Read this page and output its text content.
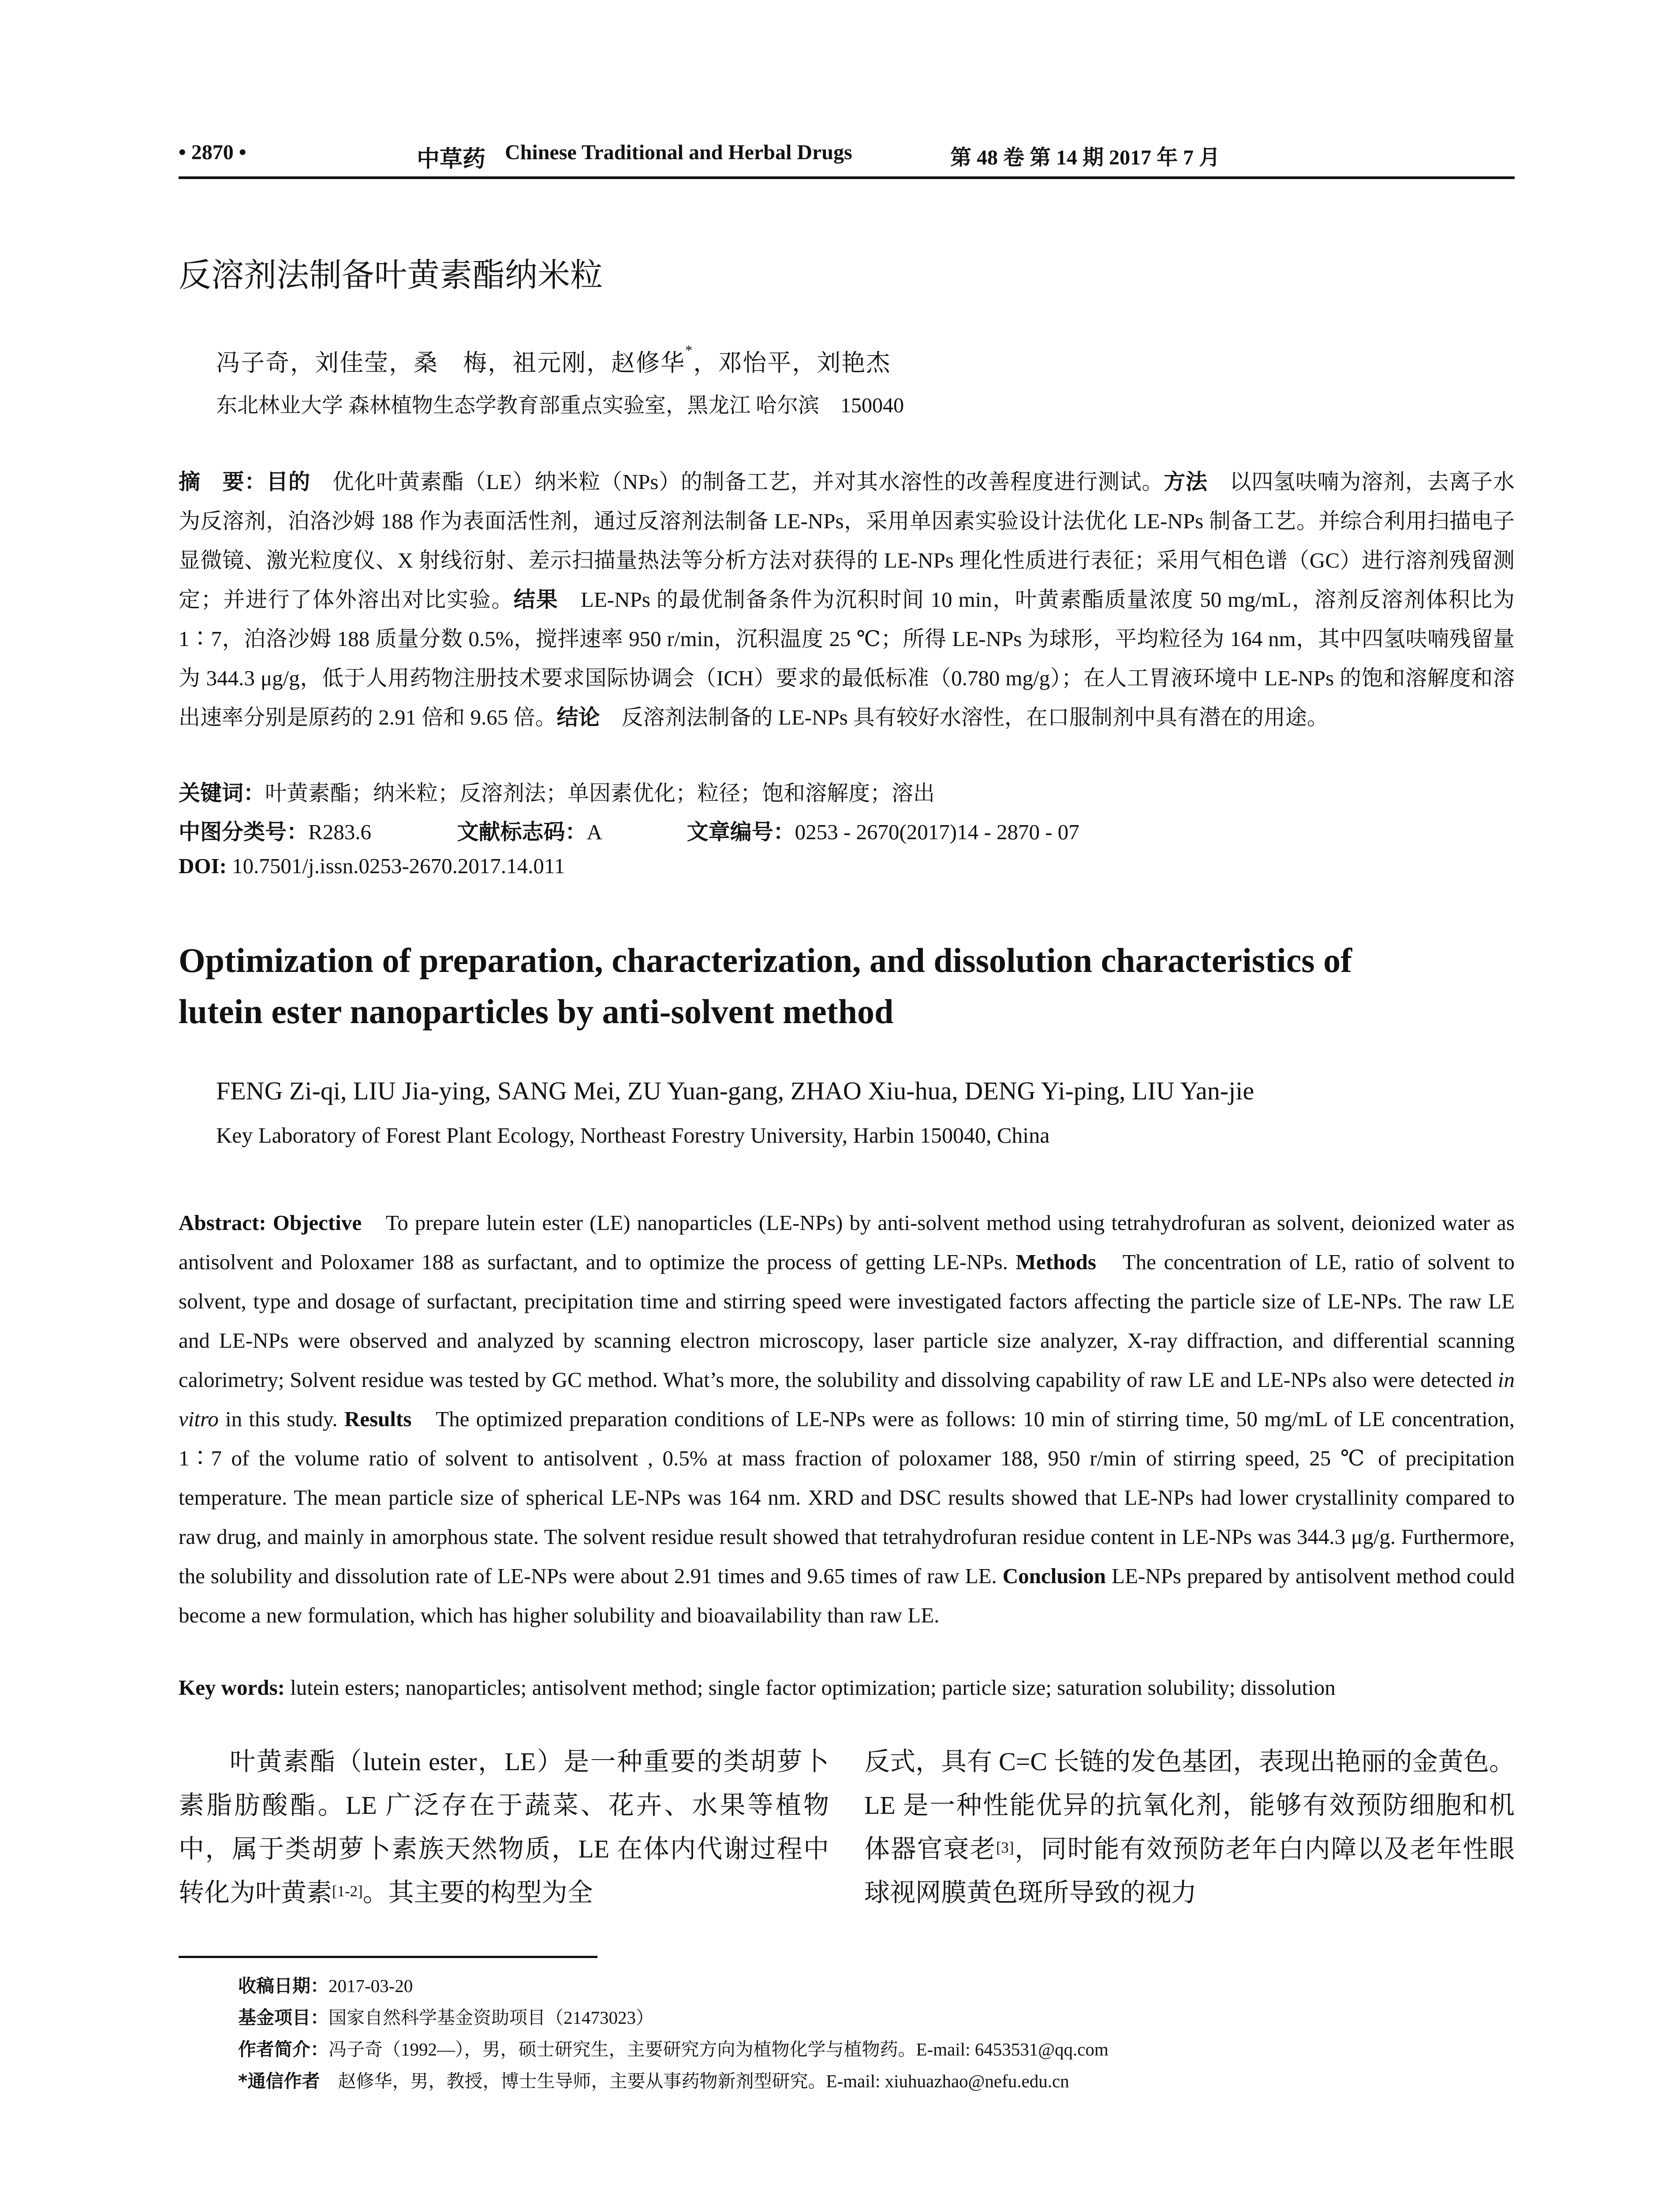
• 2870 •	中草药 Chinese Traditional and Herbal Drugs	第 48 卷 第 14 期 2017 年 7 月
反溶剂法制备叶黄素酯纳米粒
冯子奇，刘佳莹，桑　梅，祖元刚，赵修华*，邓怡平，刘艳杰
东北林业大学 森林植物生态学教育部重点实验室，黑龙江 哈尔滨　150040
摘　要：目的　优化叶黄素酯（LE）纳米粒（NPs）的制备工艺，并对其水溶性的改善程度进行测试。方法　以四氢呋喃为溶剂，去离子水为反溶剂，泊洛沙姆 188 作为表面活性剂，通过反溶剂法制备 LE-NPs，采用单因素实验设计法优化 LE-NPs 制备工艺。并综合利用扫描电子显微镜、激光粒度仪、X 射线衍射、差示扫描量热法等分析方法对获得的 LE-NPs 理化性质进行表征；采用气相色谱（GC）进行溶剂残留测定；并进行了体外溶出对比实验。结果　LE-NPs 的最优制备条件为沉积时间 10 min，叶黄素酯质量浓度 50 mg/mL，溶剂反溶剂体积比为 1∶7，泊洛沙姆 188 质量分数 0.5%，搅拌速率 950 r/min，沉积温度 25 ℃；所得 LE-NPs 为球形，平均粒径为 164 nm，其中四氢呋喃残留量为 344.3 μg/g，低于人用药物注册技术要求国际协调会（ICH）要求的最低标准（0.780 mg/g）；在人工胃液环境中 LE-NPs 的饱和溶解度和溶出速率分别是原药的 2.91 倍和 9.65 倍。结论　反溶剂法制备的 LE-NPs 具有较好水溶性，在口服制剂中具有潜在的用途。
关键词：叶黄素酯；纳米粒；反溶剂法；单因素优化；粒径；饱和溶解度；溶出
中图分类号：R283.6	文献标志码：A	文章编号：0253 - 2670(2017)14 - 2870 - 07
DOI: 10.7501/j.issn.0253-2670.2017.14.011
Optimization of preparation, characterization, and dissolution characteristics of
lutein ester nanoparticles by anti-solvent method
FENG Zi-qi, LIU Jia-ying, SANG Mei, ZU Yuan-gang, ZHAO Xiu-hua, DENG Yi-ping, LIU Yan-jie
Key Laboratory of Forest Plant Ecology, Northeast Forestry University, Harbin 150040, China
Abstract: Objective　To prepare lutein ester (LE) nanoparticles (LE-NPs) by anti-solvent method using tetrahydrofuran as solvent, deionized water as antisolvent and Poloxamer 188 as surfactant, and to optimize the process of getting LE-NPs. Methods　The concentration of LE, ratio of solvent to solvent, type and dosage of surfactant, precipitation time and stirring speed were investigated factors affecting the particle size of LE-NPs. The raw LE and LE-NPs were observed and analyzed by scanning electron microscopy, laser particle size analyzer, X-ray diffraction, and differential scanning calorimetry; Solvent residue was tested by GC method. What’s more, the solubility and dissolving capability of raw LE and LE-NPs also were detected in vitro in this study. Results　The optimized preparation conditions of LE-NPs were as follows: 10 min of stirring time, 50 mg/mL of LE concentration, 1∶7 of the volume ratio of solvent to antisolvent , 0.5% at mass fraction of poloxamer 188, 950 r/min of stirring speed, 25 ℃ of precipitation temperature. The mean particle size of spherical LE-NPs was 164 nm. XRD and DSC results showed that LE-NPs had lower crystallinity compared to raw drug, and mainly in amorphous state. The solvent residue result showed that tetrahydrofuran residue content in LE-NPs was 344.3 μg/g. Furthermore, the solubility and dissolution rate of LE-NPs were about 2.91 times and 9.65 times of raw LE. Conclusion LE-NPs prepared by antisolvent method could become a new formulation, which has higher solubility and bioavailability than raw LE.
Key words: lutein esters; nanoparticles; antisolvent method; single factor optimization; particle size; saturation solubility; dissolution
叶黄素酯（lutein ester，LE）是一种重要的类胡萝卜素脂肪酸酯。LE 广泛存在于蔬菜、花卉、水果等植物中，属于类胡萝卜素族天然物质，LE 在体内代谢过程中转化为叶黄素[1-2]。其主要的构型为全
反式，具有 C=C 长链的发色基团，表现出艳丽的金黄色。LE 是一种性能优异的抗氧化剂，能够有效预防细胞和机体器官衰老[3]，同时能有效预防老年白内障以及老年性眼球视网膜黄色斑所导致的视力
收稿日期：2017-03-20
基金项目：国家自然科学基金资助项目（21473023）
作者简介：冯子奇（1992—），男，硕士研究生，主要研究方向为植物化学与植物药。E-mail: 6453531@qq.com
*通信作者　赵修华，男，教授，博士生导师，主要从事药物新剂型研究。E-mail: xiuhuazhao@nefu.edu.cn
